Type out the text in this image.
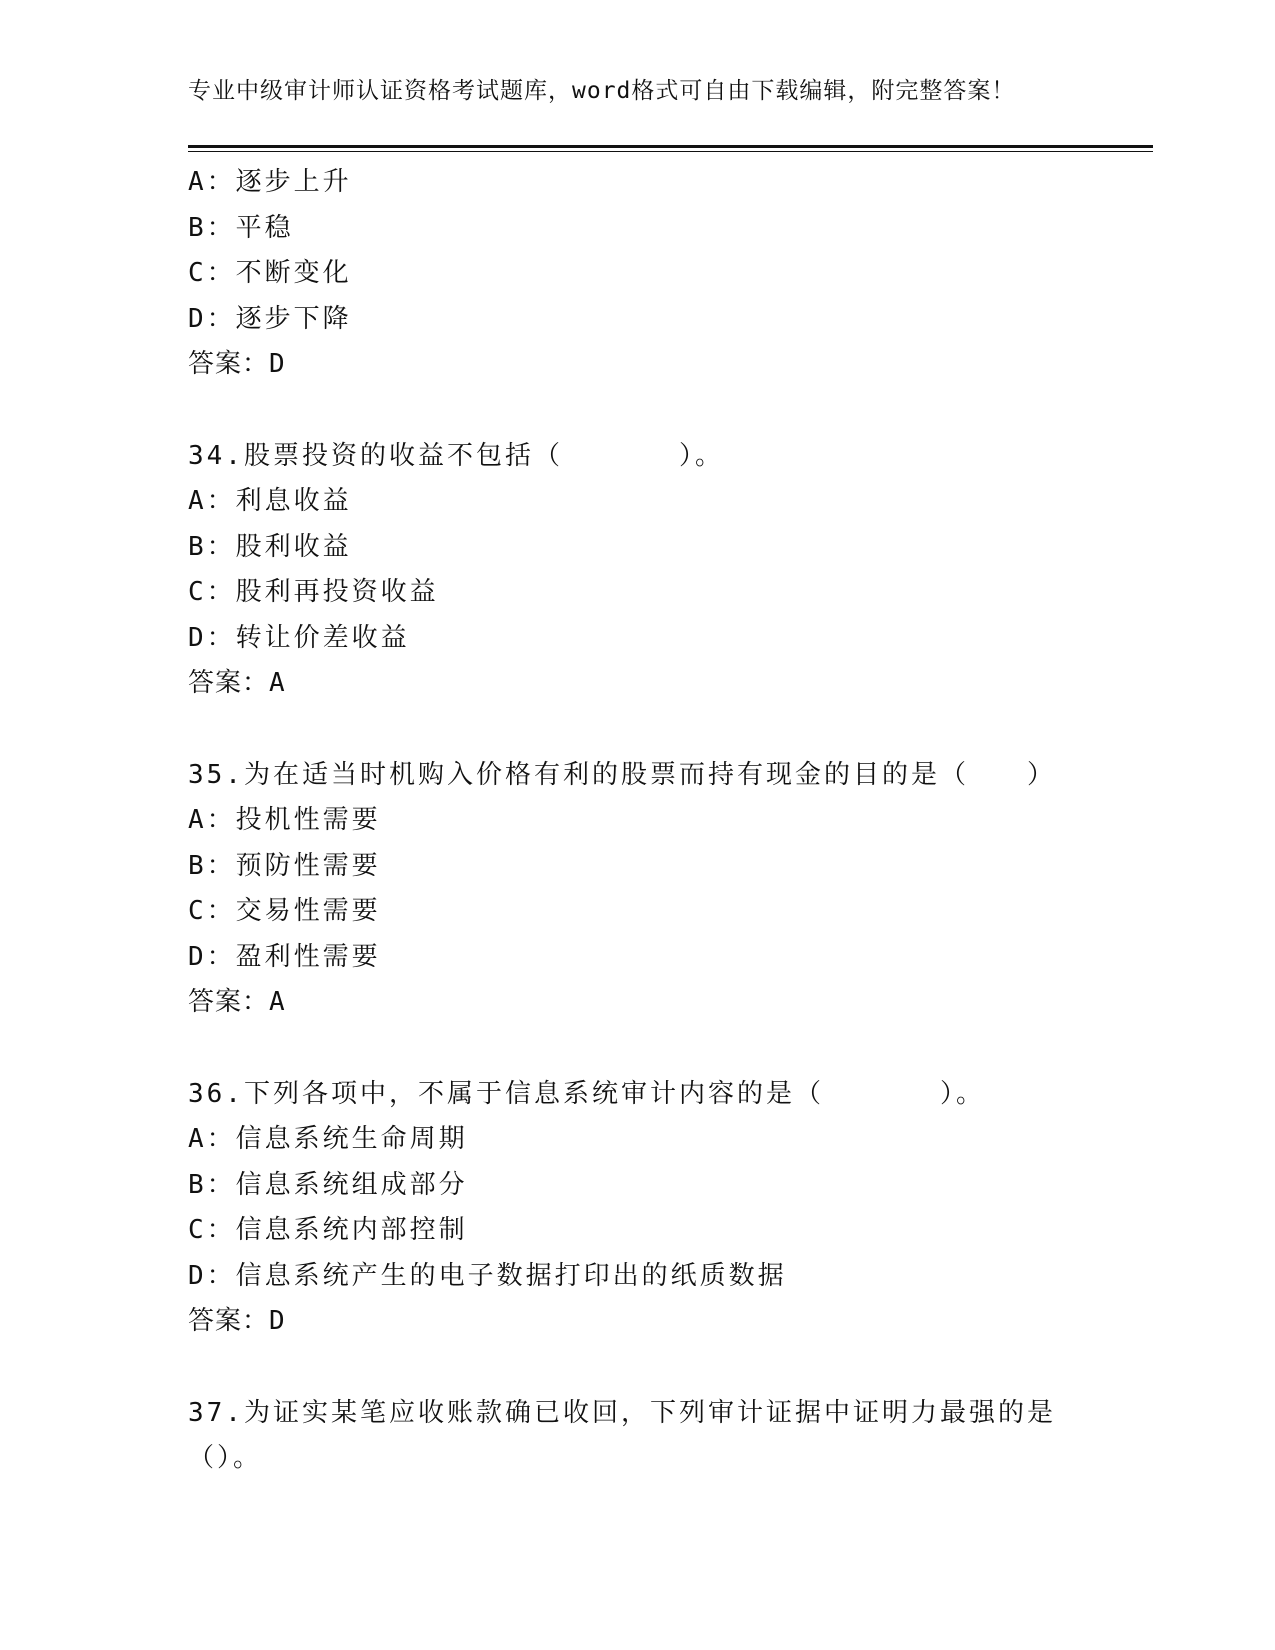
专业中级审计师认证资格考试题库，word格式可自由下载编辑，附完整答案！
A：逐步上升
B：平稳
C：不断变化
D：逐步下降
答案：D
34.股票投资的收益不包括（　　　　）。
A：利息收益
B：股利收益
C：股利再投资收益
D：转让价差收益
答案：A
35.为在适当时机购入价格有利的股票而持有现金的目的是（　　）
A：投机性需要
B：预防性需要
C：交易性需要
D：盈利性需要
答案：A
36.下列各项中，不属于信息系统审计内容的是（　　　　）。
A：信息系统生命周期
B：信息系统组成部分
C：信息系统内部控制
D：信息系统产生的电子数据打印出的纸质数据
答案：D
37.为证实某笔应收账款确已收回，下列审计证据中证明力最强的是（）。
